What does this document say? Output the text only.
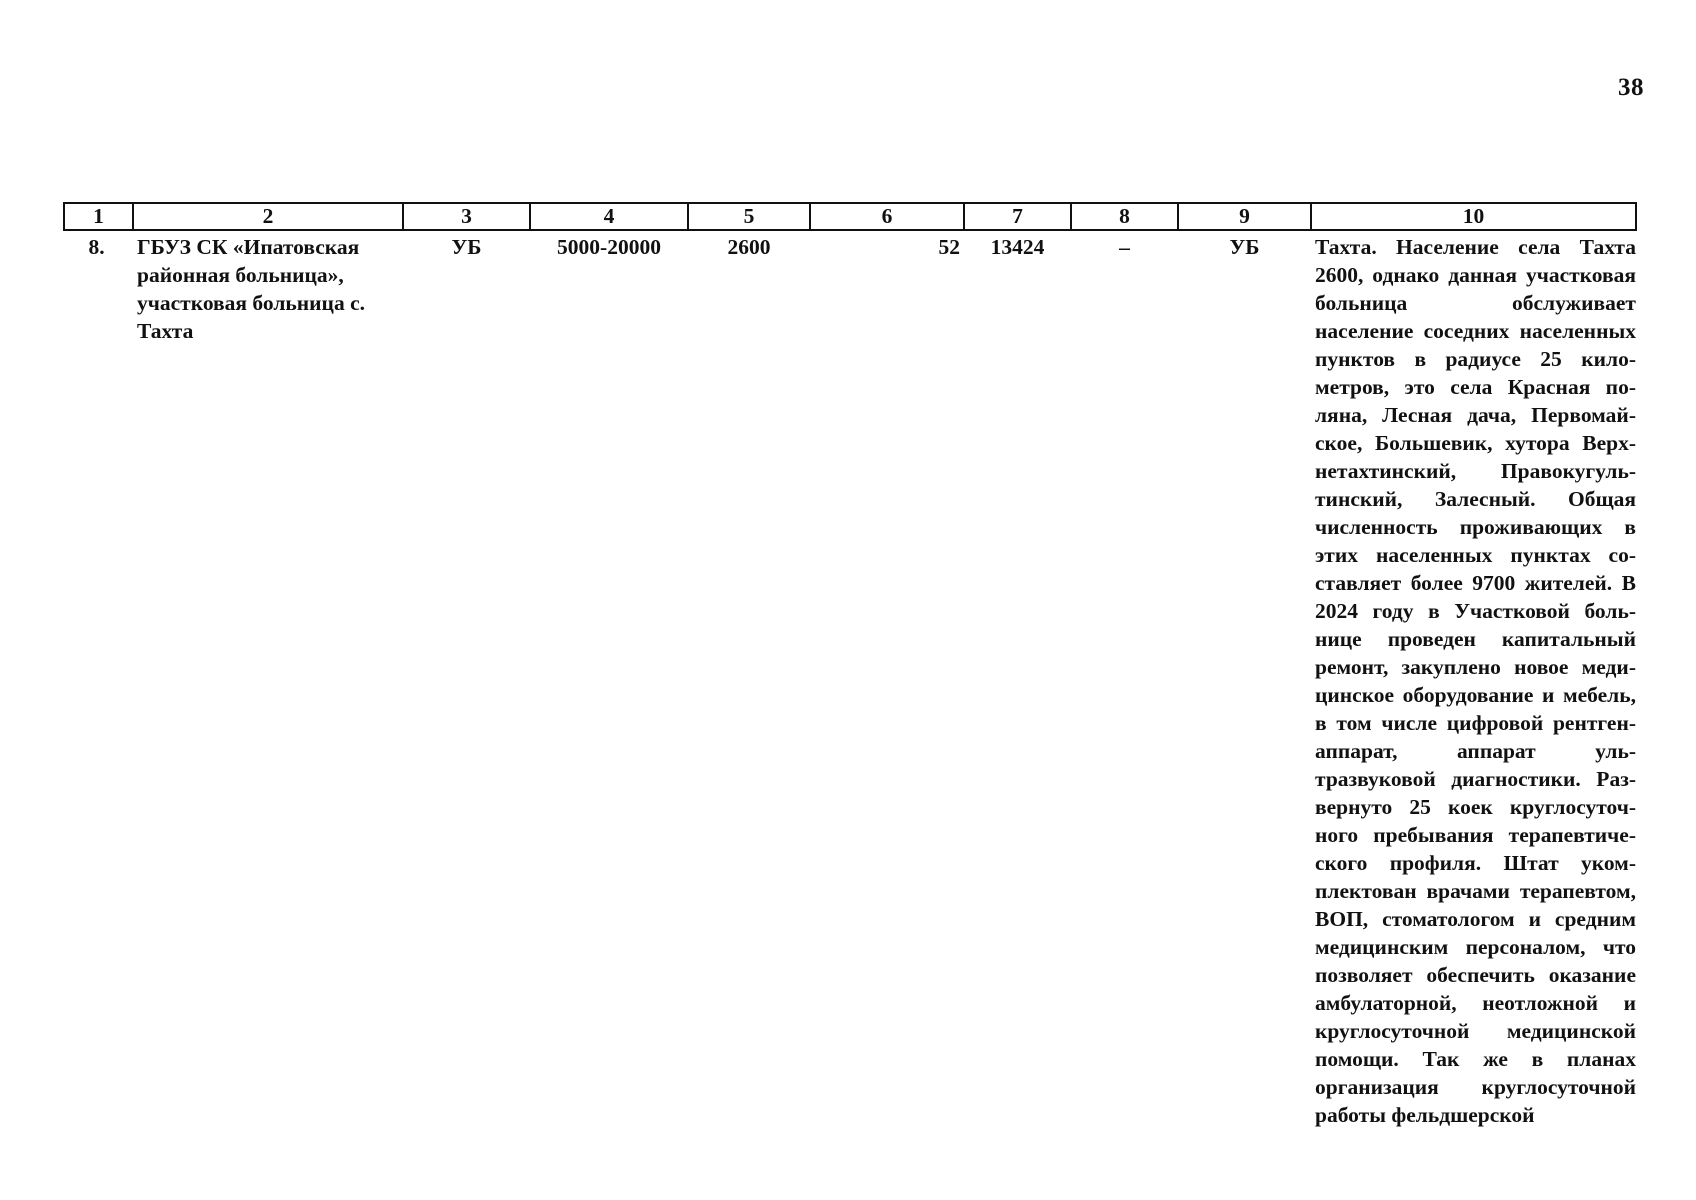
38
1	2	3	4	5	6	7	8	9	10
8.	ГБУЗ СК «Ипатовская районная больница», участковая больница с. Тахта	УБ	5000-20000	2600	52	13424	–	УБ	Тахта. Население села Тахта 2600, однако данная участковая больница обслуживает население соседних населенных пунктов в радиусе 25 километров, это села Красная поляна, Лесная дача, Первомайское, Большевик, хутора Верхнетахтинский, Правокугультинский, Залесный. Общая численность проживающих в этих населенных пунктах составляет более 9700 жителей. В 2024 году в Участковой больнице проведен капитальный ремонт, закуплено новое медицинское оборудование и мебель, в том числе цифровой рентген-аппарат, аппарат ультразвуковой диагностики. Развернуто 25 коек круглосуточного пребывания терапевтического профиля. Штат укомплектован врачами терапевтом, ВОП, стоматологом и средним медицинским персоналом, что позволяет обеспечить оказание амбулаторной, неотложной и круглосуточной медицинской помощи. Так же в планах организация круглосуточной работы фельдшерской
